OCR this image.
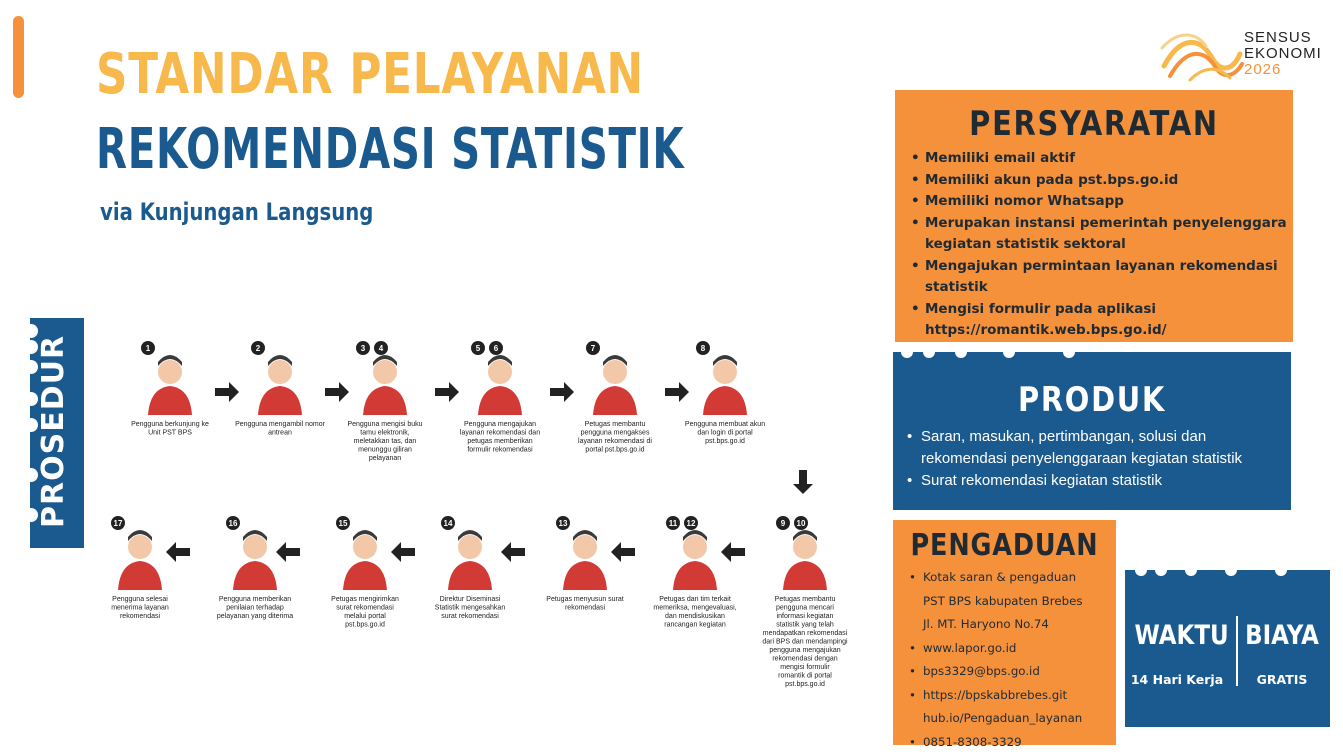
STANDAR PELAYANAN
REKOMENDASI STATISTIK
via Kunjungan Langsung
SENSUS
EKONOMI
2026
PROSEDUR	1
Pengguna berkunjung ke
Unit PST BPS
2
Pengguna mengambil nomor
antrean
3 4
Pengguna mengisi buku
tamu elektronik,
meletakkan tas, dan
menunggu giliran
pelayanan
5 6
Pengguna mengajukan
layanan rekomendasi dan
petugas memberikan
formulir rekomendasi
7
Petugas membantu
pengguna mengakses
layanan rekomendasi di
portal pst.bps.go.id
8
Pengguna membuat akun
dan login di portal
pst.bps.go.id
9 10
Petugas membantu
pengguna mencari
informasi kegiatan
statistik yang telah
mendapatkan rekomendasi
dari BPS dan mendampingi
pengguna mengajukan
rekomendasi dengan
mengisi formulir
romantik di portal
pst.bps.go.id
11 12
Petugas dan tim terkait
memeriksa, mengevaluasi,
dan mendiskusikan
rancangan kegiatan
13
Petugas menyusun surat
rekomendasi
14
Direktur Diseminasi
Statistik mengesahkan
surat rekomendasi
15
Petugas mengirimkan
surat rekomendasi
melalui portal
pst.bps.go.id
16
Pengguna memberikan
penilaian terhadap
pelayanan yang diterima
17
Pengguna selesai
menerima layanan
rekomendasi
PERSYARATAN
• Memiliki email aktif
• Memiliki akun pada pst.bps.go.id
• Memiliki nomor Whatsapp
• Merupakan instansi pemerintah penyelenggara kegiatan statistik sektoral
• Mengajukan permintaan layanan rekomendasi statistik
• Mengisi formulir pada aplikasi https://romantik.web.bps.go.id/
PRODUK
• Saran, masukan, pertimbangan, solusi dan rekomendasi penyelenggaraan kegiatan statistik
• Surat rekomendasi kegiatan statistik
PENGADUAN
• Kotak saran & pengaduan
PST BPS kabupaten Brebes
Jl. MT. Haryono No.74
• www.lapor.go.id
• bps3329@bps.go.id
• https://bpskabbrebes.git
hub.io/Pengaduan_layanan
• 0851-8308-3329
WAKTU
14 Hari Kerja
BIAYA
GRATIS
